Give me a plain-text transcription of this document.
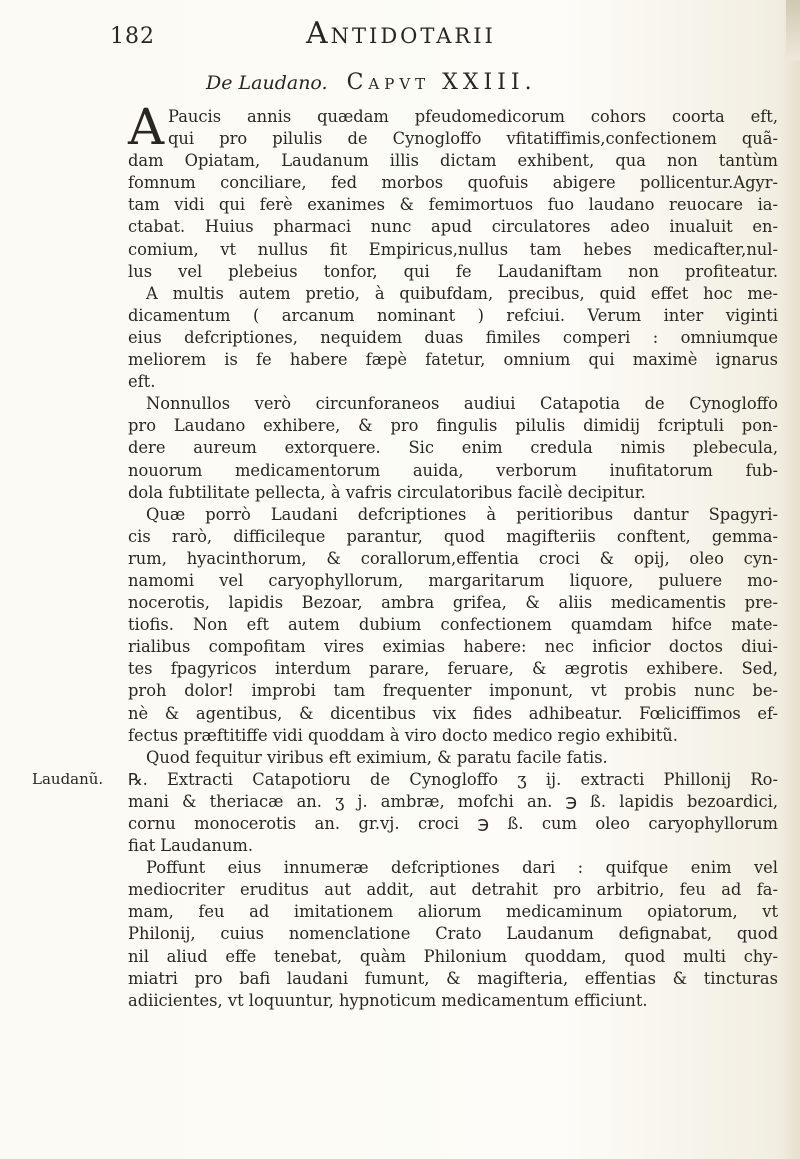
182	Antidotarii
De Laudano. Capvt XXIII.
A Paucis annis quædam pfeudomedicorum cohors coorta eft,
qui pro pilulis de Cynogloffo vfitatiffimis,confectionem quã-
dam Opiatam, Laudanum illis dictam exhibent, qua non tantùm
fomnum conciliare, fed morbos quofuis abigere pollicentur.Agyr-
tam vidi qui ferè exanimes & femimortuos fuo laudano reuocare ia-
ctabat. Huius pharmaci nunc apud circulatores adeo inualuit en-
comium, vt nullus fit Empiricus,nullus tam hebes medicafter,nul-
lus vel plebeius tonfor, qui fe Laudaniftam non profiteatur.
A multis autem pretio, à quibufdam, precibus, quid effet hoc me-
dicamentum ( arcanum nominant ) refciui. Verum inter viginti
eius defcriptiones, nequidem duas fimiles comperi : omniumque
meliorem is fe habere fæpè fatetur, omnium qui maximè ignarus
eft.
Nonnullos verò circunforaneos audiui Catapotia de Cynogloffo
pro Laudano exhibere, & pro fingulis pilulis dimidij fcriptuli pon-
dere aureum extorquere. Sic enim credula nimis plebecula,
nouorum medicamentorum auida, verborum inufitatorum fub-
dola fubtilitate pellecta, à vafris circulatoribus facilè decipitur.
Quæ porrò Laudani defcriptiones à peritioribus dantur Spagyri-
cis rarò, difficileque parantur, quod magifteriis conftent, gemma-
rum, hyacinthorum, & corallorum,effentia croci & opij, oleo cyn-
namomi vel caryophyllorum, margaritarum liquore, puluere mo-
nocerotis, lapidis Bezoar, ambra grifea, & aliis medicamentis pre-
tiofis. Non eft autem dubium confectionem quamdam hifce mate-
rialibus compofitam vires eximias habere: nec inficior doctos diui-
tes fpagyricos interdum parare, feruare, & ægrotis exhibere. Sed,
proh dolor! improbi tam frequenter imponunt, vt probis nunc be-
nè & agentibus, & dicentibus vix fides adhibeatur. Fœliciffimos ef-
fectus præftitiffe vidi quoddam à viro docto medico regio exhibitũ.
Quod fequitur viribus eft eximium, & paratu facile fatis.
℞. Extracti Catapotioru de Cynogloffo ʒ ij. extracti Phillonij Ro-
mani & theriacæ an. ʒ j. ambræ, mofchi an. ℈ ß. lapidis bezoardici,
cornu monocerotis an. gr.vj. croci ℈ ß. cum oleo caryophyllorum
fiat Laudanum.
Poffunt eius innumeræ defcriptiones dari : quifque enim vel
mediocriter eruditus aut addit, aut detrahit pro arbitrio, feu ad fa-
mam, feu ad imitationem aliorum medicaminum opiatorum, vt
Philonij, cuius nomenclatione Crato Laudanum defignabat, quod
nil aliud effe tenebat, quàm Philonium quoddam, quod multi chy-
miatri pro bafi laudani fumunt, & magifteria, effentias & tincturas
adiicientes, vt loquuntur, hypnoticum medicamentum efficiunt.
Laudanũ.
